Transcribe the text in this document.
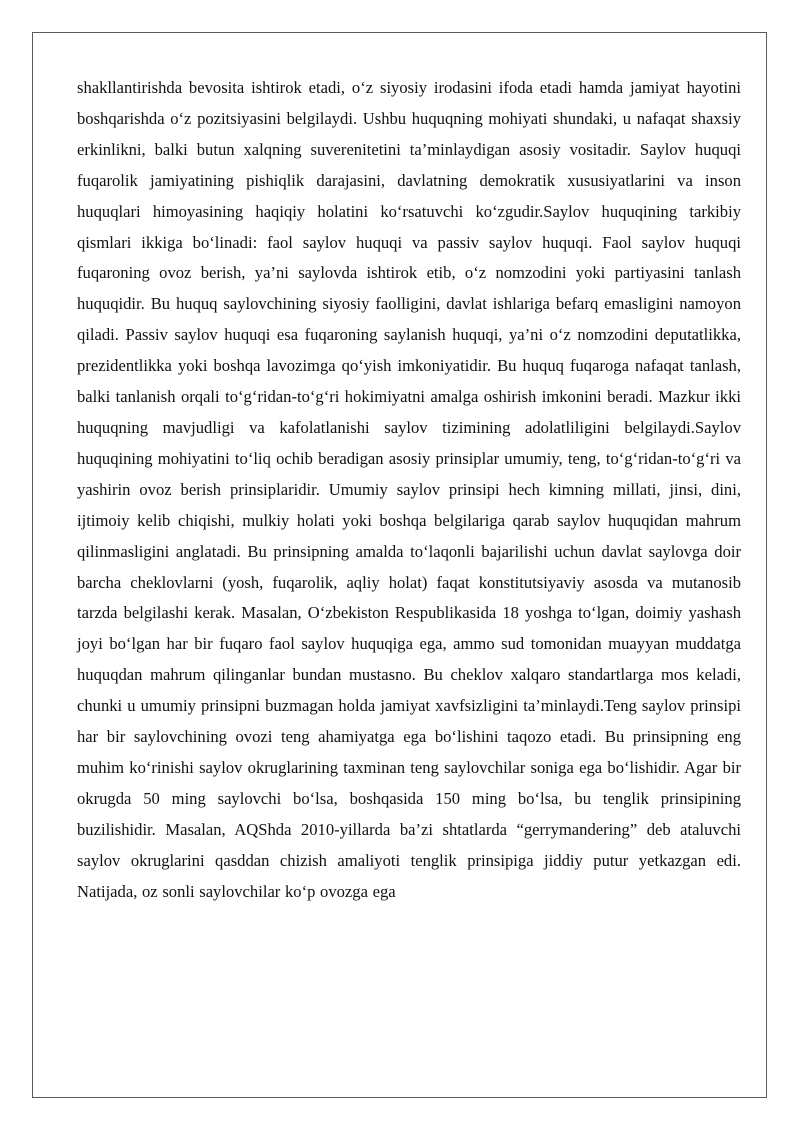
shakllantirishda bevosita ishtirok etadi, o‘z siyosiy irodasini ifoda etadi hamda jamiyat hayotini boshqarishda o‘z pozitsiyasini belgilaydi. Ushbu huquqning mohiyati shundaki, u nafaqat shaxsiy erkinlikni, balki butun xalqning suverenitetini ta’minlaydigan asosiy vositadir. Saylov huquqi fuqarolik jamiyatining pishiqlik darajasini, davlatning demokratik xususiyatlarini va inson huquqlari himoyasining haqiqiy holatini ko‘rsatuvchi ko‘zgudir.Saylov huquqining tarkibiy qismlari ikkiga bo‘linadi: faol saylov huquqi va passiv saylov huquqi. Faol saylov huquqi fuqaroning ovoz berish, ya’ni saylovda ishtirok etib, o‘z nomzodini yoki partiyasini tanlash huquqidir. Bu huquq saylovchining siyosiy faolligini, davlat ishlariga befarq emasligini namoyon qiladi. Passiv saylov huquqi esa fuqaroning saylanish huquqi, ya’ni o‘z nomzodini deputatlikka, prezidentlikka yoki boshqa lavozimga qo‘yish imkoniyatidir. Bu huquq fuqaroga nafaqat tanlash, balki tanlanish orqali to‘g‘ridan-to‘g‘ri hokimiyatni amalga oshirish imkonini beradi. Mazkur ikki huquqning mavjudligi va kafolatlanishi saylov tizimining adolatliligini belgilaydi.Saylov huquqining mohiyatini to‘liq ochib beradigan asosiy prinsiplar umumiy, teng, to‘g‘ridan-to‘g‘ri va yashirin ovoz berish prinsiplaridir. Umumiy saylov prinsipi hech kimning millati, jinsi, dini, ijtimoiy kelib chiqishi, mulkiy holati yoki boshqa belgilariga qarab saylov huquqidan mahrum qilinmasligini anglatadi. Bu prinsipning amalda to‘laqonli bajarilishi uchun davlat saylovga doir barcha cheklovlarni (yosh, fuqarolik, aqliy holat) faqat konstitutsiyaviy asosda va mutanosib tarzda belgilashi kerak. Masalan, O‘zbekiston Respublikasida 18 yoshga to‘lgan, doimiy yashash joyi bo‘lgan har bir fuqaro faol saylov huquqiga ega, ammo sud tomonidan muayyan muddatga huquqdan mahrum qilinganlar bundan mustasno. Bu cheklov xalqaro standartlarga mos keladi, chunki u umumiy prinsipni buzmagan holda jamiyat xavfsizligini ta’minlaydi.Teng saylov prinsipi har bir saylovchining ovozi teng ahamiyatga ega bo‘lishini taqozo etadi. Bu prinsipning eng muhim ko‘rinishi saylov okruglarining taxminan teng saylovchilar soniga ega bo‘lishidir. Agar bir okrugda 50 ming saylovchi bo‘lsa, boshqasida 150 ming bo‘lsa, bu tenglik prinsipining buzilishidir. Masalan, AQShda 2010-yillarda ba’zi shtatlarda “gerrymandering” deb ataluvchi saylov okruglarini qasddan chizish amaliyoti tenglik prinsipiga jiddiy putur yetkazgan edi. Natijada, oz sonli saylovchilar ko‘p ovozga ega
